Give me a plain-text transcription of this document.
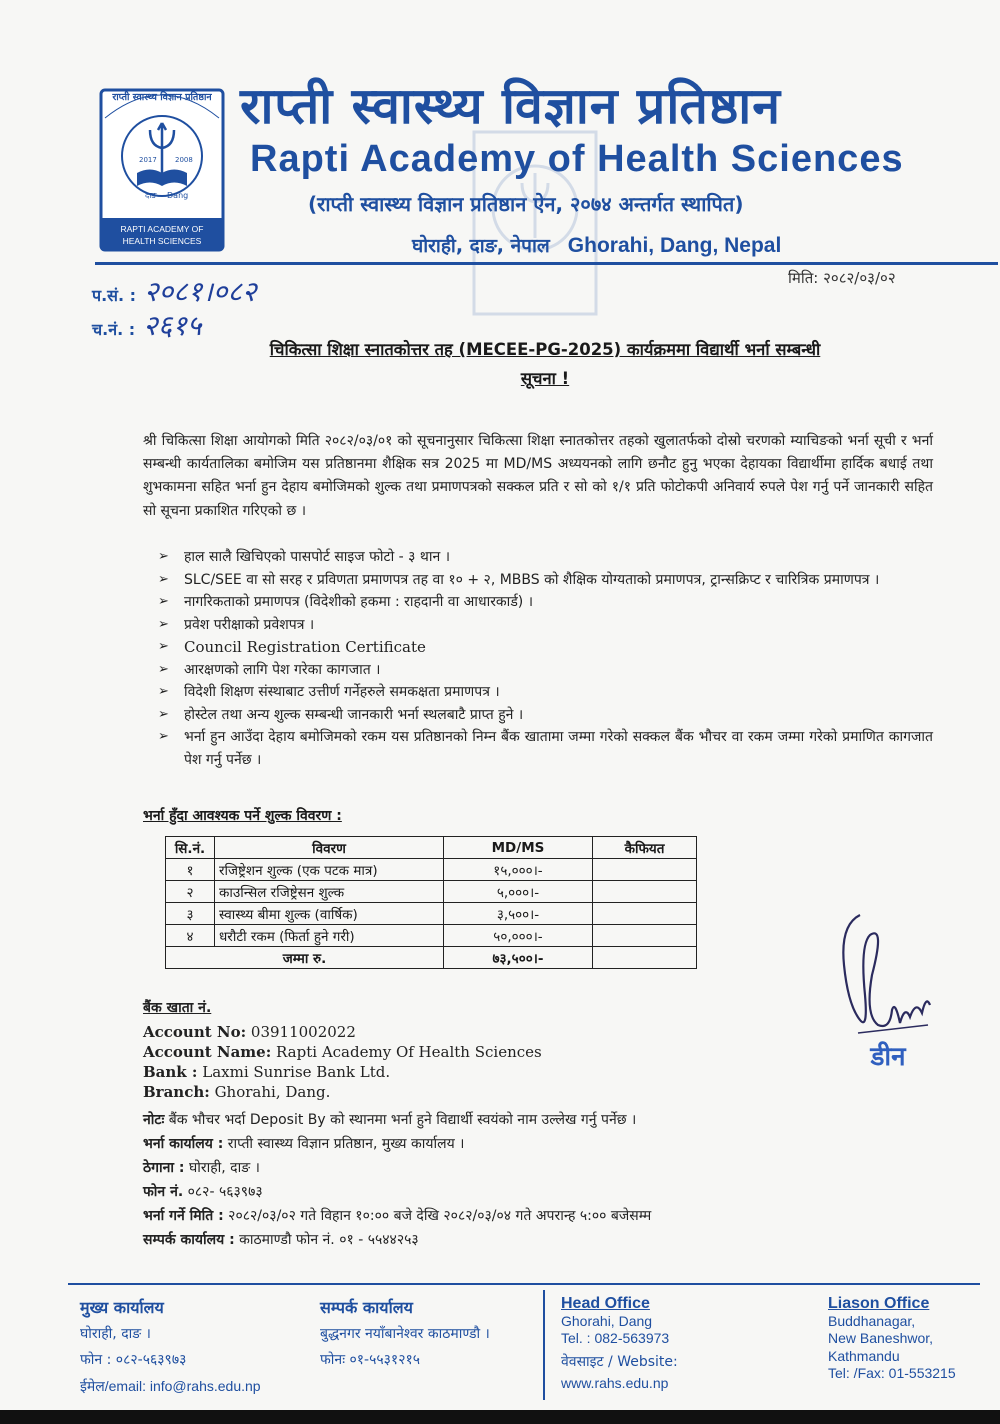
राप्ती स्वास्थ्य विज्ञान प्रतिष्ठान
2017	2008
दाङ Dang
RAPTI ACADEMY OF
HEALTH SCIENCES
राप्ती स्वास्थ्य विज्ञान प्रतिष्ठान
Rapti Academy of Health Sciences
(राप्ती स्वास्थ्य विज्ञान प्रतिष्ठान ऐन, २०७४ अन्तर्गत स्थापित)
घोराही, दाङ, नेपाल Ghorahi, Dang, Nepal
प.सं. : २०८१।०८२
च.नं. : २६१५
मिति: २०८२/०३/०२
चिकित्सा शिक्षा स्नातकोत्तर तह (MECEE-PG-2025) कार्यक्रममा विद्यार्थी भर्ना सम्बन्धी
सूचना !
श्री चिकित्सा शिक्षा आयोगको मिति २०८२/०३/०१ को सूचनानुसार चिकित्सा शिक्षा स्नातकोत्तर तहको खुलातर्फको दोस्रो चरणको म्याचिङको भर्ना सूची र भर्ना सम्बन्धी कार्यतालिका बमोजिम यस प्रतिष्ठानमा शैक्षिक सत्र 2025 मा MD/MS अध्ययनको लागि छनौट हुनु भएका देहायका विद्यार्थीमा हार्दिक बधाई तथा शुभकामना सहित भर्ना हुन देहाय बमोजिमको शुल्क तथा प्रमाणपत्रको सक्कल प्रति र सो को १/१ प्रति फोटोकपी अनिवार्य रुपले पेश गर्नु पर्ने जानकारी सहित सो सूचना प्रकाशित गरिएको छ ।
➢ हाल सालै खिचिएको पासपोर्ट साइज फोटो - ३ थान ।
➢ SLC/SEE वा सो सरह र प्रविणता प्रमाणपत्र तह वा १० + २, MBBS को शैक्षिक योग्यताको प्रमाणपत्र, ट्रान्सक्रिप्ट र चारित्रिक प्रमाणपत्र ।
➢ नागरिकताको प्रमाणपत्र (विदेशीको हकमा : राहदानी वा आधारकार्ड) ।
➢ प्रवेश परीक्षाको प्रवेशपत्र ।
➢ Council Registration Certificate
➢ आरक्षणको लागि पेश गरेका कागजात ।
➢ विदेशी शिक्षण संस्थाबाट उत्तीर्ण गर्नेहरुले समकक्षता प्रमाणपत्र ।
➢ होस्टेल तथा अन्य शुल्क सम्बन्धी जानकारी भर्ना स्थलबाटै प्राप्त हुने ।
➢ भर्ना हुन आउँदा देहाय बमोजिमको रकम यस प्रतिष्ठानको निम्न बैंक खातामा जम्मा गरेको सक्कल बैंक भौचर वा रकम जम्मा गरेको प्रमाणित कागजात पेश गर्नु पर्नेछ ।
भर्ना हुँदा आवश्यक पर्ने शुल्क विवरण :
सि.नं.	विवरण	MD/MS	कैफियत
१	रजिष्ट्रेशन शुल्क (एक पटक मात्र)	१५,०००।-	
२	काउन्सिल रजिष्ट्रेसन शुल्क	५,०००।-	
३	स्वास्थ्य बीमा शुल्क (वार्षिक)	३,५००।-	
४	धरौटी रकम (फिर्ता हुने गरी)	५०,०००।-	
जम्मा रु.		७३,५००।-	
बैंक खाता नं.
Account No: 03911002022
Account Name: Rapti Academy Of Health Sciences
Bank : Laxmi Sunrise Bank Ltd.
Branch: Ghorahi, Dang.
नोटः बैंक भौचर भर्दा Deposit By को स्थानमा भर्ना हुने विद्यार्थी स्वयंको नाम उल्लेख गर्नु पर्नेछ ।
भर्ना कार्यालय : राप्ती स्वास्थ्य विज्ञान प्रतिष्ठान, मुख्य कार्यालय ।
ठेगाना : घोराही, दाङ ।
फोन नं. ०८२- ५६३९७३
भर्ना गर्ने मिति : २०८२/०३/०२ गते विहान १०:०० बजे देखि २०८२/०३/०४ गते अपरान्ह ५:०० बजेसम्म
सम्पर्क कार्यालय : काठमाण्डौ फोन नं. ०१ - ५५४४२५३
डीन
मुख्य कार्यालय
घोराही, दाङ ।
फोन : ०८२-५६३९७३
ईमेल/email: info@rahs.edu.np
सम्पर्क कार्यालय
बुद्धनगर नयाँबानेश्वर काठमाण्डौ ।
फोनः ०१-५५३१२१५
Head Office
Ghorahi, Dang
Tel. : 082-563973
वेवसाइट / Website:
www.rahs.edu.np
Liason Office
Buddhanagar,
New Baneshwor,
Kathmandu
Tel: /Fax: 01-553215
